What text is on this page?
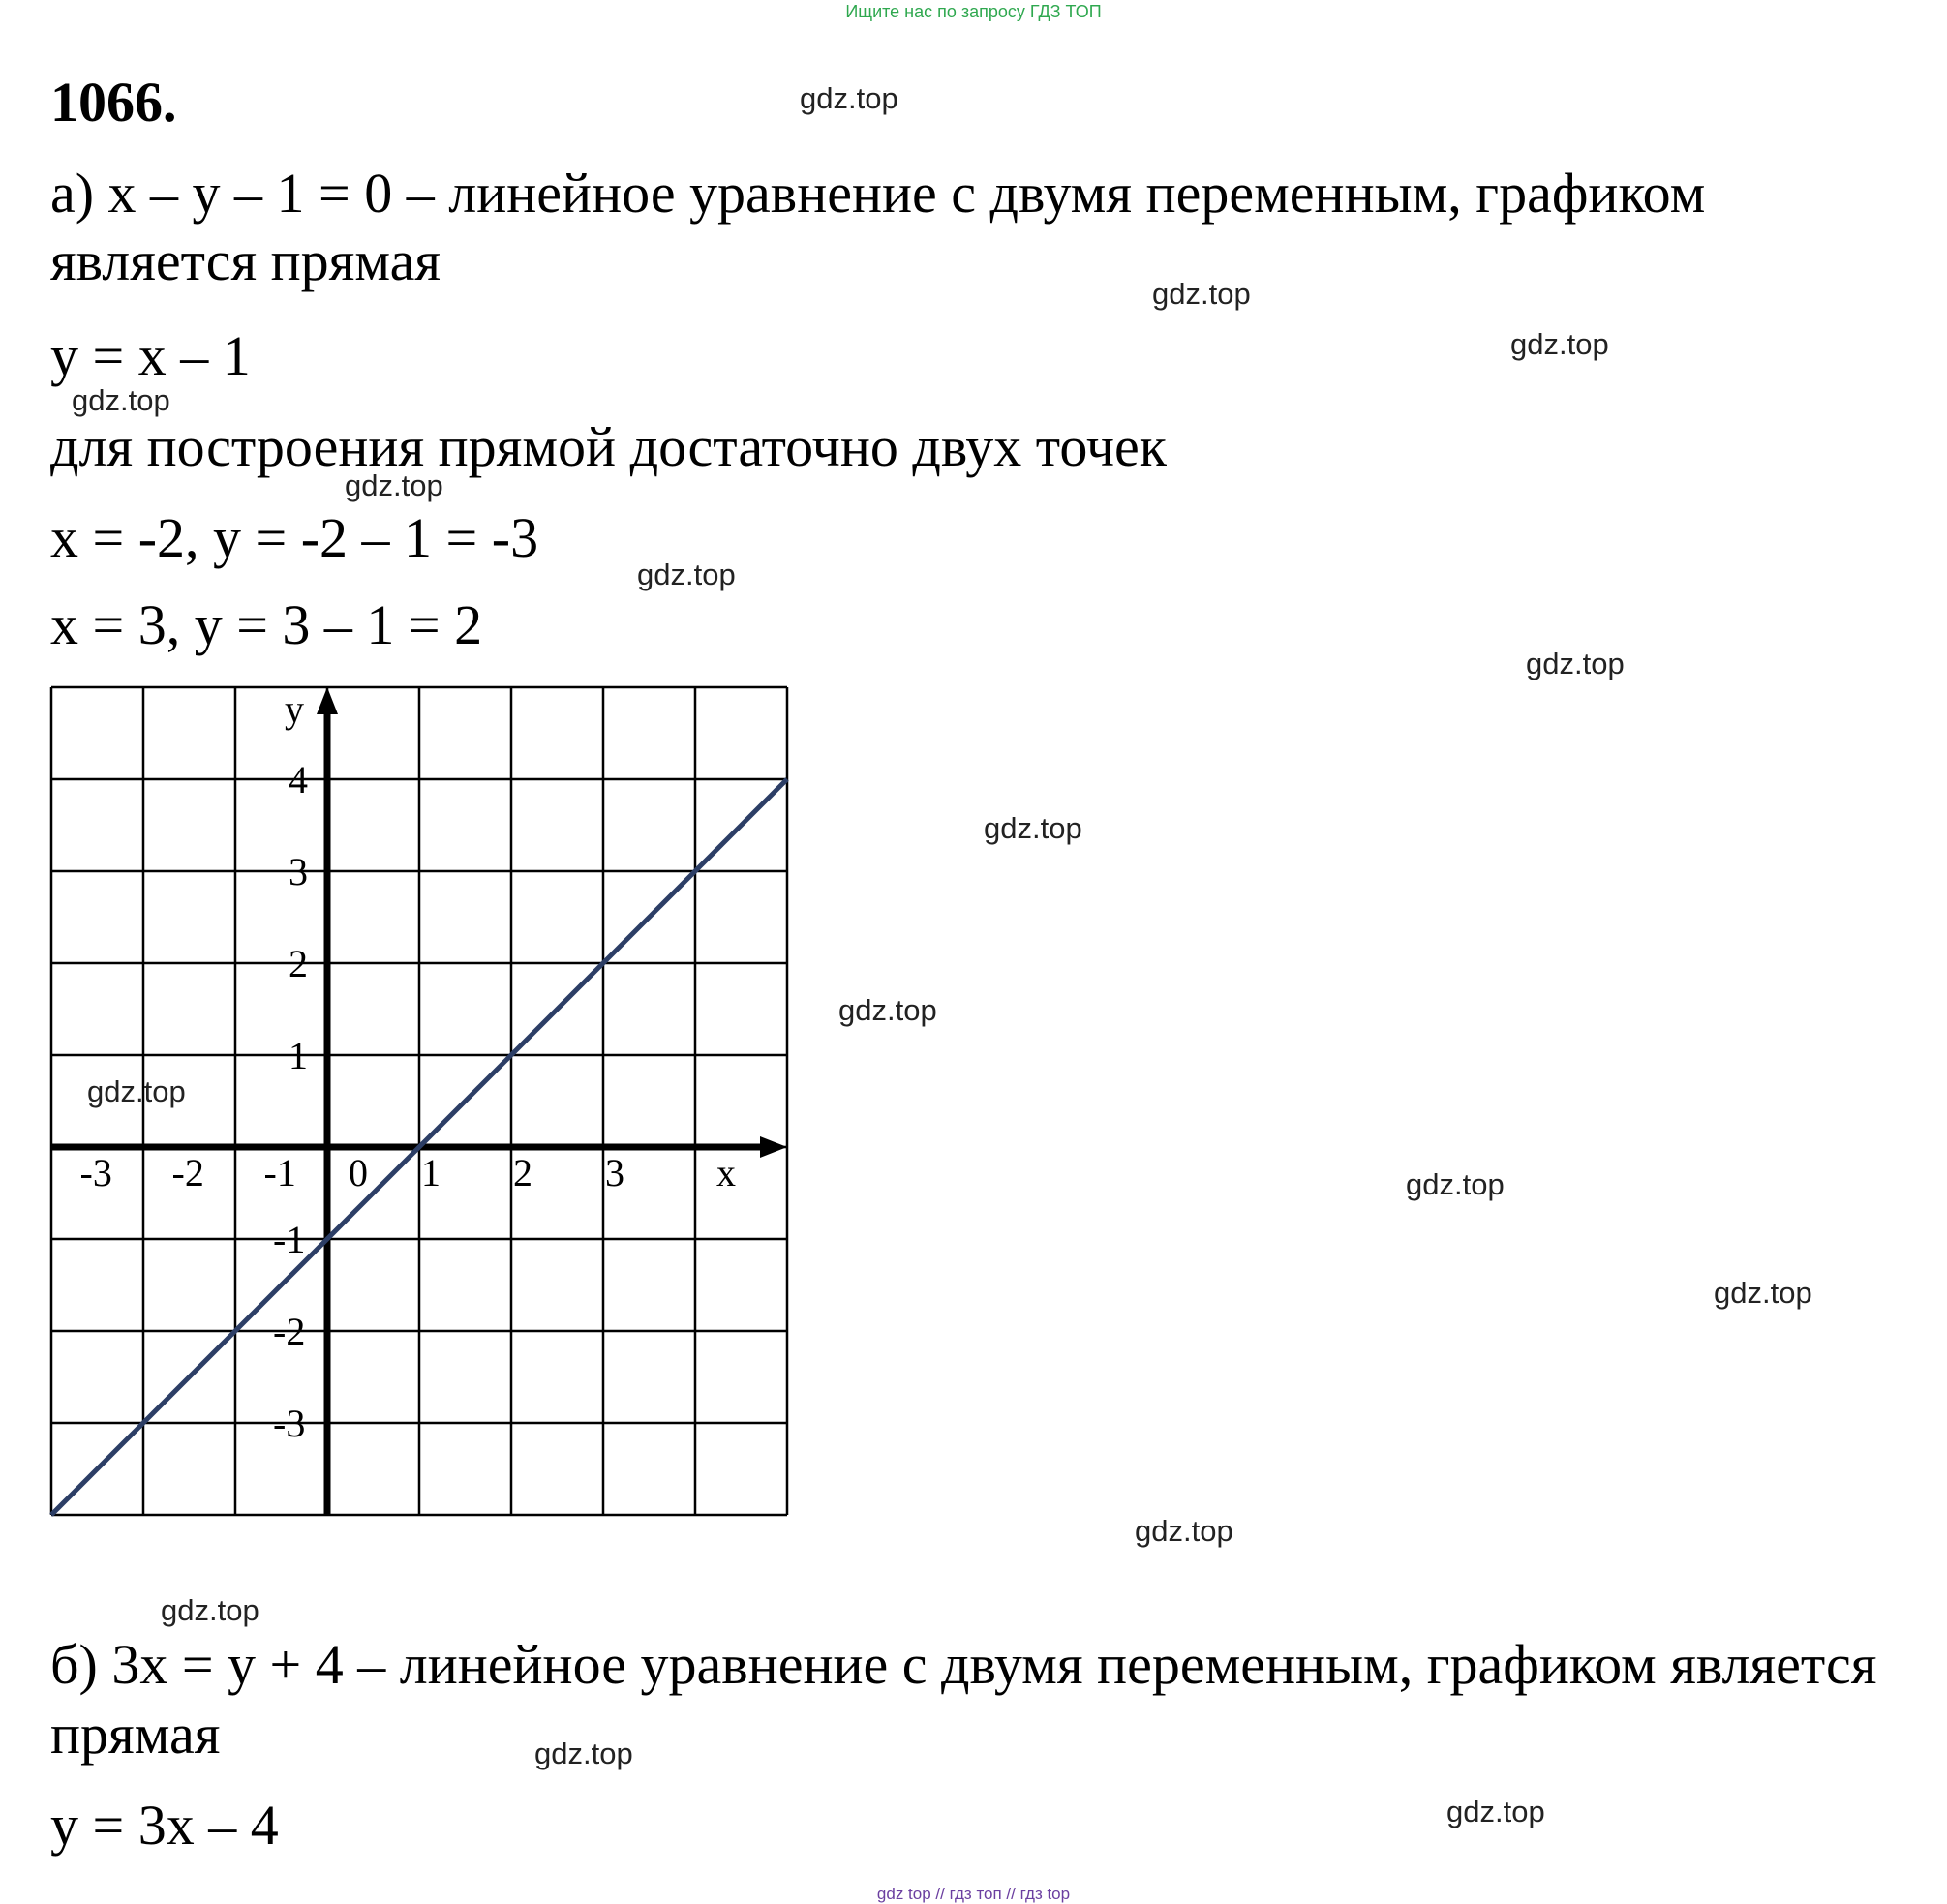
Ищите нас по запросу ГДЗ ТОП
1066.
а) x – y – 1 = 0 – линейное уравнение с двумя переменным, графиком
является прямая
y = x – 1
для построения прямой достаточно двух точек
x = -2, y = -2 – 1 = -3
x = 3, y = 3 – 1 = 2
-3 -2 -1	1 2 3
0	x
4
3
2
1
-1
-2
-3
y
б) 3x = y + 4 – линейное уравнение с двумя переменным, графиком является
прямая
y = 3x – 4
gdz.top
gdz.top
gdz.top
gdz.top
gdz.top
gdz.top
gdz.top
gdz.top
gdz.top
gdz.top
gdz.top
gdz.top
gdz.top
gdz.top
gdz.top
gdz.top
gdz top // гдз топ // гдз top
